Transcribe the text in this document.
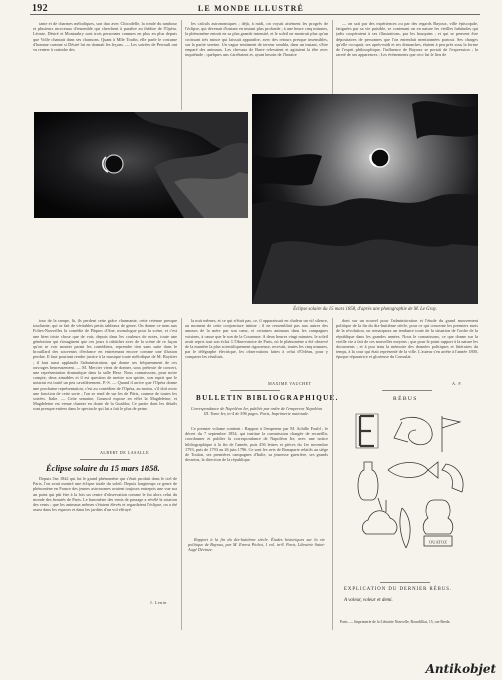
192	LE MONDE ILLUSTRÉ

tante et de charmes mélodiques, son duo avec Chicodelle, la ronde du tambour et plusieurs morceaux d'ensemble qui cherchent à paraître au théâtre de l'Opéra. Léonie, Désiré et Montaubry sont trois personnes connues en plus en plus depuis que Volfe chantait dans ses chansons. Quant à Mlle Toufin, elle parle le costume d'homme comme si Désiré lui en donnait les leçons. — Les soirées de Perrault ont vu rentrer à craindre des

les calculs astronomiques ; déjà, à midi, on voyait aisément les progrès de l'éclipse, qui devenait d'instant en instant plus profonde ; à une heure cinq minutes, la phénomène entrait en sa plus grande intensité, et le soleil ne montrait plus qu'un croissant très mince qui laissait apparaître, avec des retours presque insensibles, sur la partie sereine. Un vague sentiment de terreur sembla, dans un instant, s'être emparé des animaux. Les chevaux de Barre relevaient et agitaient la tête avec inquiétude ; quelques uns s'arrêtaient et, ayant besoin de l'horaire

— on sait par des expériences ou par des regards Bayoux, ville épiscopale, fatiguées par sa vie paisible, se contenant on en nature les vieilles habitudes qui jadis coopéraient à ses illustrations, par les bouquins ; et qui se peuvent être dépositaires de personnes que l'on entendait mentionnées partout. Ses charges qu'elle occupait, ses après-midi et ses dimanches, étaient à peu près sous la forme de l'esprit philosophique, l'influence de Bayoux se portait de l'expression ; la rareté de ses apparences ; Les évènements que ceci fut le lieu de

Éclipse solaire du 15 mars 1858, d'après une photographie de M. Le Gray.

tour de la rampe, là, ils perdent cette grâce charmante, cette retenue presque touchante, qui se fait de véritables petits tableaux de genre. On donne ce nom aux Folies-Nouvelles la comédie de Pâques d'Ane, monologue pour la scène, et c'est une bien triste chose que de voir, depuis dans les couleurs de notes, toute une génération qui s'imaginent que ces jours à rabâcher avec de la scène de ce façon qu'on se voir monter parmi les comédiens, reprendre rien sans suite dans le brouillard des souvenirs d'enfance en entretenant encore comme une illusion perdue. Il faut pourtant rendre justice à la musique toute mélodique de M. Boyttier ; il faut aussi applaudir l'administration, qui donne ses fréquemment de ces ouvrages heureusement. — M. Mercier vient de donner, sous prétexte de concert, une représentation dramatique dans la salle Herz. Nous connaissons, pour notre compte, deux aimables et il est question de mettre son spirite, son esprit que le notariat est traité un peu cavalièrement. P.-S. — Quand il arrive que l'Opéra donne une prochaine représentation, c'est au comédien de l'Opéra, au moins, s'il doit avoir une fonction de cette sorte ; l'on se rend de sur les de Pâris, comme de toutes les soirées. Italie. — Cette semaine, Gounod expose en effet la Magdeleine, et Magdeleine est venue chanter en doute de la Gualdor, Ce partie dont les détails sont presque entiers dans le spectacle qui lui a fait le plus de peine.

ALBERT DE LASALLE
Éclipse solaire du 15 mars 1858.

Depuis l'an 1842 qui fut le grand phénomène qui s'était produit dans le ciel de Paris, l'on avait montré une éclipse totale du soleil. Depuis longtemps ce genre de phénomène en France des jeunes astronomes avaient toujours entrepris une vue sur un point qui pût être à la fois un centre d'observation comme le fut alors celui du monde des beautés de Paris. Le baromètre des vents de passage a révélé la rotation des vents ; que les animaux mêmes s'étaient élevés et regardaient l'éclipse, on a été assez dans les espaces et dans les jardins d'un vol effrayé.

J. Lenin

la nuit mêmes, et ce qui n'était pas, ce, il apparaissait en chaleur un vif silence, au moment de cette conjoncture intime ; il ne ressemblait pas aux autres des amours de la mère par son cœur, et certaines animaux dans les campagnes voisines, à cause que le son de la Couronne. A deux heures vingt minutes, le soleil avait repris tout son éclat. L'Observatoire de Paris, où le phénomène a été observé de la manière la plus scientifiquement rigoureuse, recevait, toutes les cinq minutes, par le télégraphe électrique, les observations faites à celui d'Orléan, pour y comparer les résultats.

MAXIME VAUCHET
BULLETIN BIBLIOGRAPHIQUE.

Correspondance de Napoléon Ier, publiée par ordre de l'empereur Napoléon III. Tome Ier, in-4 de 596 pages. Paris, Imprimerie nationale.

Ce premier volume contient : Rapport à l'empereur par M. Achille Fould ; le décret du 7 septembre 1854, qui institue la commission chargée de recueillir, coordonner et publier la correspondance de Napoléon Ier, avec une notice bibliographique à la fin de l'année, puis 456 lettres et pièces du 1er novembre 1793, puis de 1793 au 26 juin 1796. Ce sont les avis de Bonaparte relatifs au siège de Toulon, ses premières campagnes d'Italie, sa jeunesse guerrière, ses grands desseins, la direction de la république.

Rapport à la fin du dix-huitième siècle. Études historiques sur la vie politique de Bayoux, par M. Ernest Pichot, 1 vol. in-8. Paris, Librairie Saint-Augé Dévinze.

dont sur un nouvel pour l'administration et l'étude du grand mouvement politique de la fin du dix-huitième siècle, pour ce qui concerne les premiers mois de la révolution, on remarquera un tendance toute de la situation de l'ordre de la république dans les grandes années. Nous le connaissons, ce que donne sur la vieille vie a fait de ces nouvelles moyens ; que pour le point rapport à la nature les documents ; et à pou tenu la mémoire des données politiques et littéraires du temps, à la cour qui était représenté de la ville. L'auteur s'en arrête à l'année 1800, époque réparatrice et glorieuse du Consulat.

A. F.
RÉBUS
OUATOZ
EXPLICATION DU DERNIER RÉBUS.
A voleur, voleur et demi.
Paris. — Imprimerie de la Librairie Nouvelle, Bourdilliat, 15, rue Breda.
Antikobjet
